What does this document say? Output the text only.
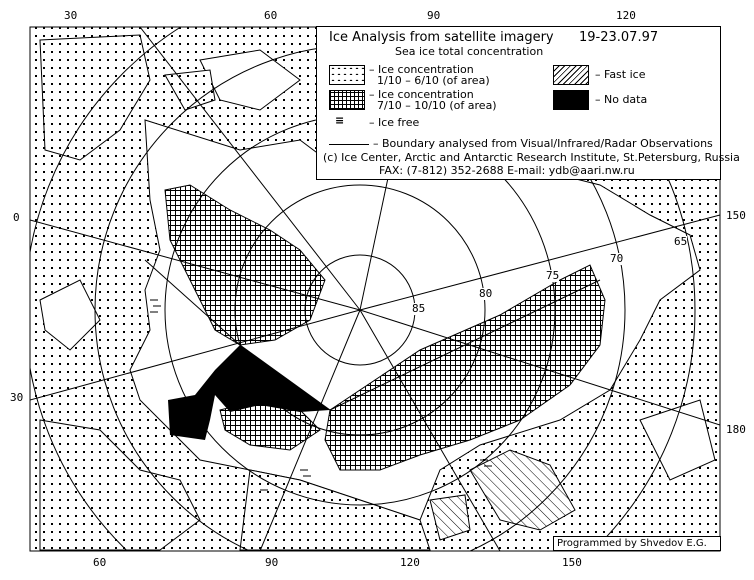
30	60	90	120
60	90	120	150
0
30
150
180
85
80
75
70
65
Ice Analysis from satellite imagery 19-23.07.97
Sea ice total concentration
– Ice concentration
1/10 – 6/10 (of area)
– Ice concentration
7/10 – 10/10 (of area)
≡ – Ice free
– Fast ice
– No data
– Boundary analysed from Visual/Infrared/Radar Observations
(c) Ice Center, Arctic and Antarctic Research Institute, St.Petersburg, Russia
FAX: (7-812) 352-2688 E-mail: ydb@aari.nw.ru
Programmed by Shvedov E.G.
